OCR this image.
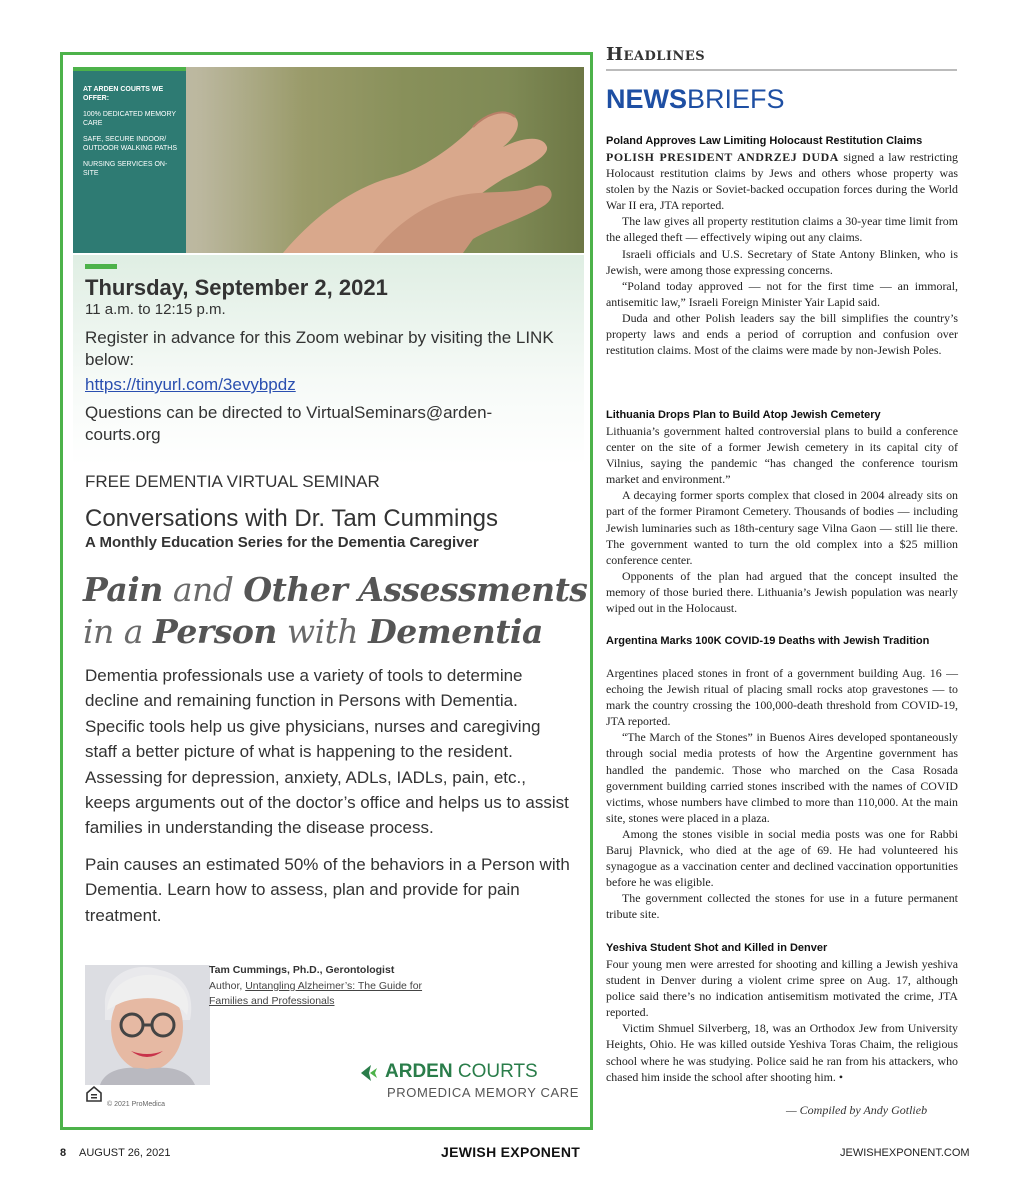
AT ARDEN COURTS WE OFFER:
100% DEDICATED MEMORY CARE
SAFE, SECURE INDOOR/ OUTDOOR WALKING PATHS
NURSING SERVICES ON-SITE
Thursday, September 2, 2021
11 a.m. to 12:15 p.m.
Register in advance for this Zoom webinar by visiting the LINK below:
https://tinyurl.com/3evybpdz
Questions can be directed to VirtualSeminars@arden-courts.org
FREE DEMENTIA VIRTUAL SEMINAR
Conversations with Dr. Tam Cummings
A Monthly Education Series for the Dementia Caregiver
Pain and Other Assessments
in a Person with Dementia
Dementia professionals use a variety of tools to determine decline and remaining function in Persons with Dementia. Specific tools help us give physicians, nurses and caregiving staff a better picture of what is happening to the resident. Assessing for depression, anxiety, ADLs, IADLs, pain, etc., keeps arguments out of the doctor’s office and helps us to assist families in understanding the disease process.
Pain causes an estimated 50% of the behaviors in a Person with Dementia. Learn how to assess, plan and provide for pain treatment.
Tam Cummings, Ph.D., Gerontologist
Author, Untangling Alzheimer’s: The Guide for Families and Professionals
© 2021 ProMedica
ARDEN COURTS
PROMEDICA MEMORY CARE
Headlines
NEWSBRIEFS
Poland Approves Law Limiting Holocaust Restitution Claims

POLISH PRESIDENT ANDRZEJ DUDA signed a law restricting Holocaust restitution claims by Jews and others whose property was stolen by the Nazis or Soviet-backed occupation forces during the World War II era, JTA reported.

The law gives all property restitution claims a 30-year time limit from the alleged theft — effectively wiping out any claims.

Israeli officials and U.S. Secretary of State Antony Blinken, who is Jewish, were among those expressing concerns.

“Poland today approved — not for the first time — an immoral, antisemitic law,” Israeli Foreign Minister Yair Lapid said.

Duda and other Polish leaders say the bill simplifies the country’s property laws and ends a period of corruption and confusion over restitution claims. Most of the claims were made by non-Jewish Poles.

Lithuania Drops Plan to Build Atop Jewish Cemetery

Lithuania’s government halted controversial plans to build a conference center on the site of a former Jewish cemetery in its capital city of Vilnius, saying the pandemic “has changed the conference tourism market and environment.”

A decaying former sports complex that closed in 2004 already sits on part of the former Piramont Cemetery. Thousands of bodies — including Jewish luminaries such as 18th-century sage Vilna Gaon — still lie there. The government wanted to turn the old complex into a $25 million conference center.

Opponents of the plan had argued that the concept insulted the memory of those buried there. Lithuania’s Jewish population was nearly wiped out in the Holocaust.

Argentina Marks 100K COVID-19 Deaths with Jewish Tradition

Argentines placed stones in front of a government building Aug. 16 — echoing the Jewish ritual of placing small rocks atop gravestones — to mark the country crossing the 100,000-death threshold from COVID-19, JTA reported.

“The March of the Stones” in Buenos Aires developed spontaneously through social media protests of how the Argentine government has handled the pandemic. Those who marched on the Casa Rosada government building carried stones inscribed with the names of COVID victims, whose numbers have climbed to more than 110,000. At the main site, stones were placed in a plaza.

Among the stones visible in social media posts was one for Rabbi Baruj Plavnick, who died at the age of 69. He had volunteered his synagogue as a vaccination center and declined vaccination opportunities before he was eligible.

The government collected the stones for use in a future permanent tribute site.

Yeshiva Student Shot and Killed in Denver

Four young men were arrested for shooting and killing a Jewish yeshiva student in Denver during a violent crime spree on Aug. 17, although police said there’s no indication antisemitism motivated the crime, JTA reported.

Victim Shmuel Silverberg, 18, was an Orthodox Jew from University Heights, Ohio. He was killed outside Yeshiva Toras Chaim, the religious school where he was studying. Police said he ran from his attackers, who chased him inside the school after shooting him. •

— Compiled by Andy Gotlieb
8 AUGUST 26, 2021	JEWISH EXPONENT	JEWISHEXPONENT.COM
